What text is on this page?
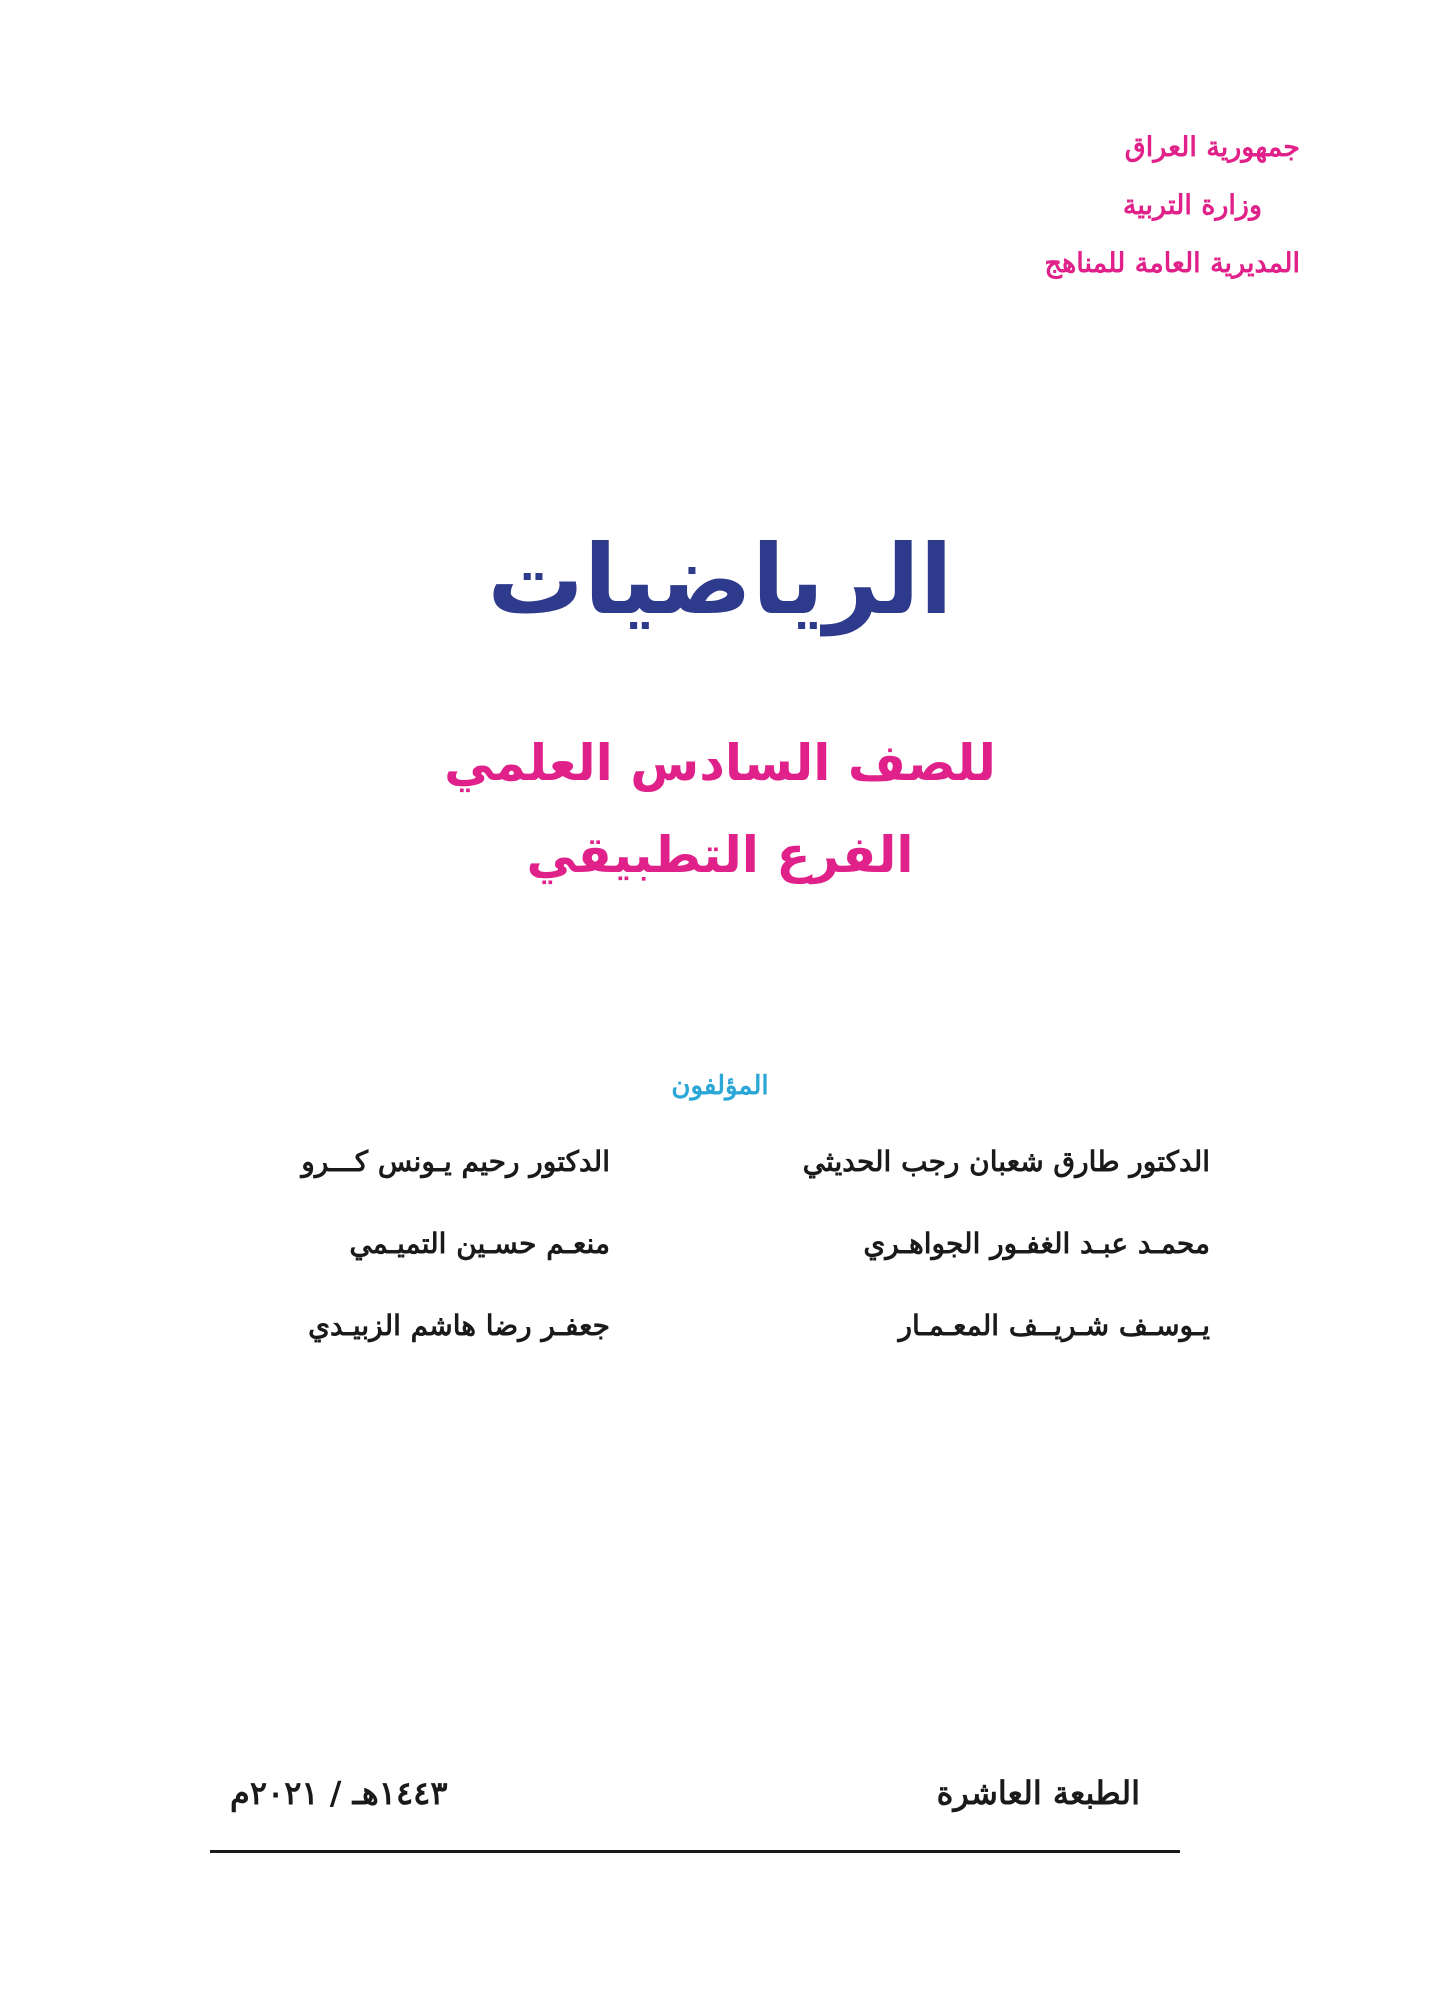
جمهورية العراق
وزارة التربية
المديرية العامة للمناهج
الرياضيات
للصف السادس العلمي
الفرع التطبيقي
المؤلفون
الدكتور طارق شعبان رجب الحديثي
الدكتور رحيم يـونس كـــرو
محمـد عبـد الغفـور الجواهـري
منعـم حسـين التميـمي
يـوسـف شـريــف المعـمـار
جعفـر رضا هاشم الزبيـدي
الطبعة العاشرة
١٤٤٣هـ / ٢٠٢١م
